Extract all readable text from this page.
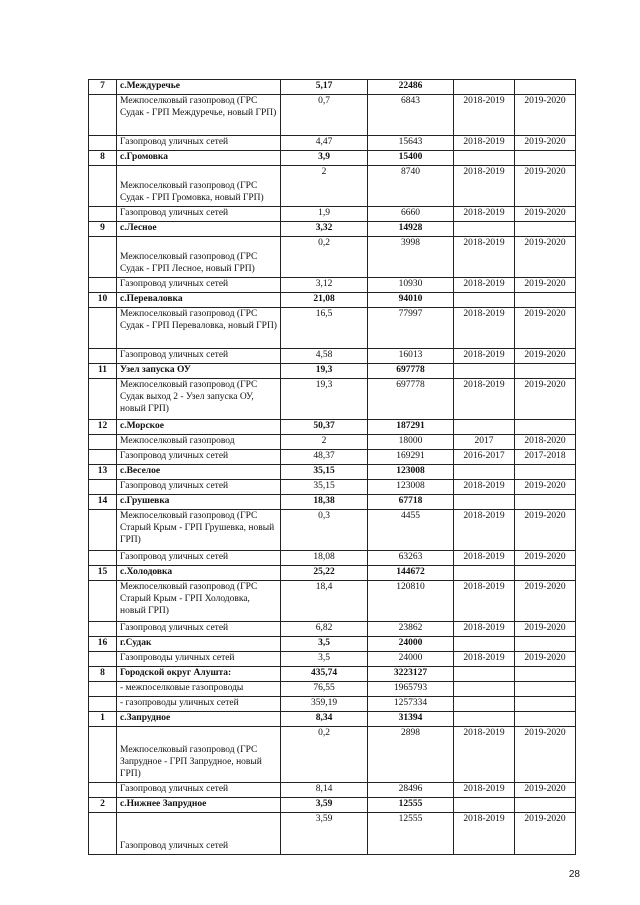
7	с.Междуречье	5,17	22486		
	Межпоселковый газопровод (ГРС Судак - ГРП Междуречье, новый ГРП)	0,7	6843	2018-2019	2019-2020
	Газопровод уличных сетей	4,47	15643	2018-2019	2019-2020
8	с.Громовка	3,9	15400		
	Межпоселковый газопровод (ГРС Судак - ГРП Громовка, новый ГРП)	2	8740	2018-2019	2019-2020
	Газопровод уличных сетей	1,9	6660	2018-2019	2019-2020
9	с.Лесное	3,32	14928		
	Межпоселковый газопровод (ГРС Судак - ГРП Лесное, новый ГРП)	0,2	3998	2018-2019	2019-2020
	Газопровод уличных сетей	3,12	10930	2018-2019	2019-2020
10	с.Перевaловка	21,08	94010		
	Межпоселковый газопровод (ГРС Судак - ГРП Перевaловка, новый ГРП)	16,5	77997	2018-2019	2019-2020
	Газопровод уличных сетей	4,58	16013	2018-2019	2019-2020
11	Узел запуска ОУ	19,3	697778		
	Межпоселковый газопровод (ГРС Судак выход 2 - Узел запуска ОУ, новый ГРП)	19,3	697778	2018-2019	2019-2020
12	с.Морское	50,37	187291		
	Межпоселковый газопровод	2	18000	2017	2018-2020
	Газопровод уличных сетей	48,37	169291	2016-2017	2017-2018
13	с.Веселое	35,15	123008		
	Газопровод уличных сетей	35,15	123008	2018-2019	2019-2020
14	с.Грушевка	18,38	67718		
	Межпоселковый газопровод (ГРС Старый Крым - ГРП Грушевка, новый ГРП)	0,3	4455	2018-2019	2019-2020
	Газопровод уличных сетей	18,08	63263	2018-2019	2019-2020
15	с.Холодовка	25,22	144672		
	Межпоселковый газопровод (ГРС Старый Крым - ГРП Холодовка, новый ГРП)	18,4	120810	2018-2019	2019-2020
	Газопровод уличных сетей	6,82	23862	2018-2019	2019-2020
16	г.Судак	3,5	24000		
	Газопроводы уличных сетей	3,5	24000	2018-2019	2019-2020
8	Городской округ Алушта:	435,74	3223127		
	- межпоселковые газопроводы	76,55	1965793		
	- газопроводы уличных сетей	359,19	1257334		
1	с.Запрудное	8,34	31394		
	Межпоселковый газопровод (ГРС Запрудное - ГРП Запрудное, новый ГРП)	0,2	2898	2018-2019	2019-2020
	Газопровод уличных сетей	8,14	28496	2018-2019	2019-2020
2	с.Нижнее Запрудное	3,59	12555		
	Газопровод уличных сетей	3,59	12555	2018-2019	2019-2020
28
